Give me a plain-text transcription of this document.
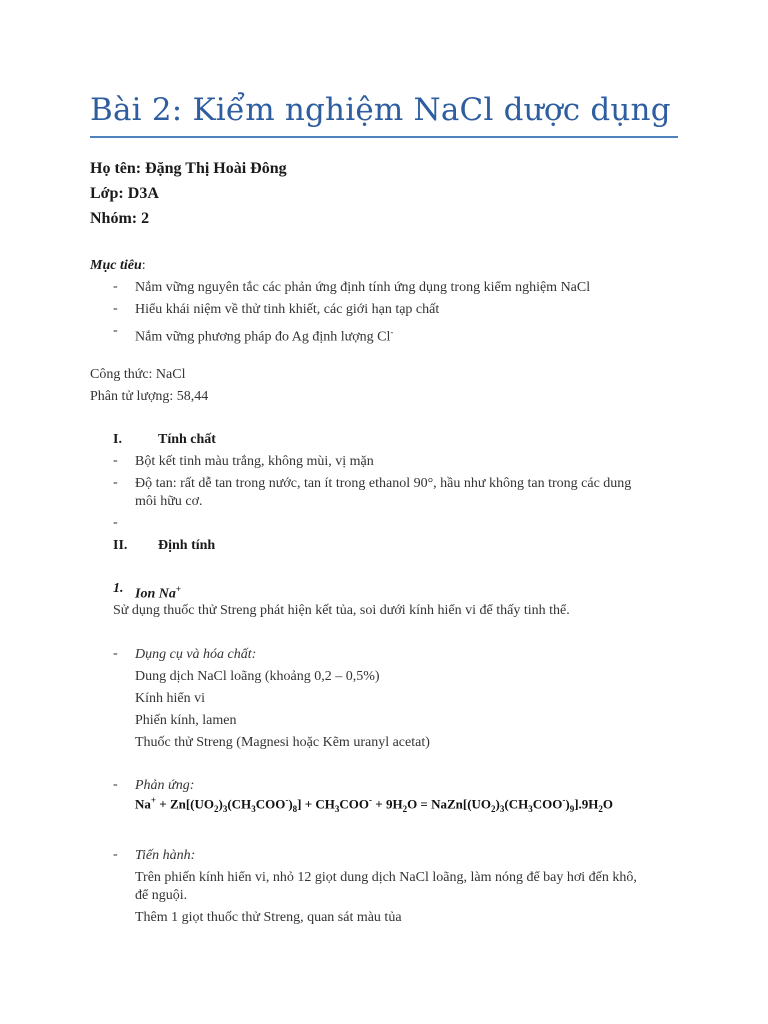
Bài 2: Kiểm nghiệm NaCl dược dụng
Họ tên: Đặng Thị Hoài Đông
Lớp: D3A
Nhóm: 2
Mục tiêu:
- Nắm vững nguyên tắc các phản ứng định tính ứng dụng trong kiểm nghiệm NaCl
- Hiểu khái niệm về thử tinh khiết, các giới hạn tạp chất
- Nắm vững phương pháp đo Ag định lượng Cl-
Công thức: NaCl
Phân tử lượng: 58,44
I.	Tính chất
- Bột kết tinh màu trắng, không mùi, vị mặn
- Độ tan: rất dễ tan trong nước, tan ít trong ethanol 90°, hầu như không tan trong các dung
môi hữu cơ.
-
II. Định tính
1. Ion Na+
Sử dụng thuốc thử Streng phát hiện kết tủa, soi dưới kính hiển vi để thấy tinh thể.
- Dụng cụ và hóa chất:
Dung dịch NaCl loãng (khoảng 0,2 – 0,5%)
Kính hiển vi
Phiến kính, lamen
Thuốc thử Streng (Magnesi hoặc Kẽm uranyl acetat)
- Phản ứng:
$Na^+ + Zn[(UO_2)_3(CH_3COO^-)_8] + CH_3COO^- + 9H_2O$ = $NaZn[(UO_2)_3(CH_3COO^-)_9].9H_2O$
- Tiến hành:
Trên phiến kính hiển vi, nhỏ 12 giọt dung dịch NaCl loãng, làm nóng để bay hơi đến khô,
để nguội.
Thêm 1 giọt thuốc thử Streng, quan sát màu tủa
